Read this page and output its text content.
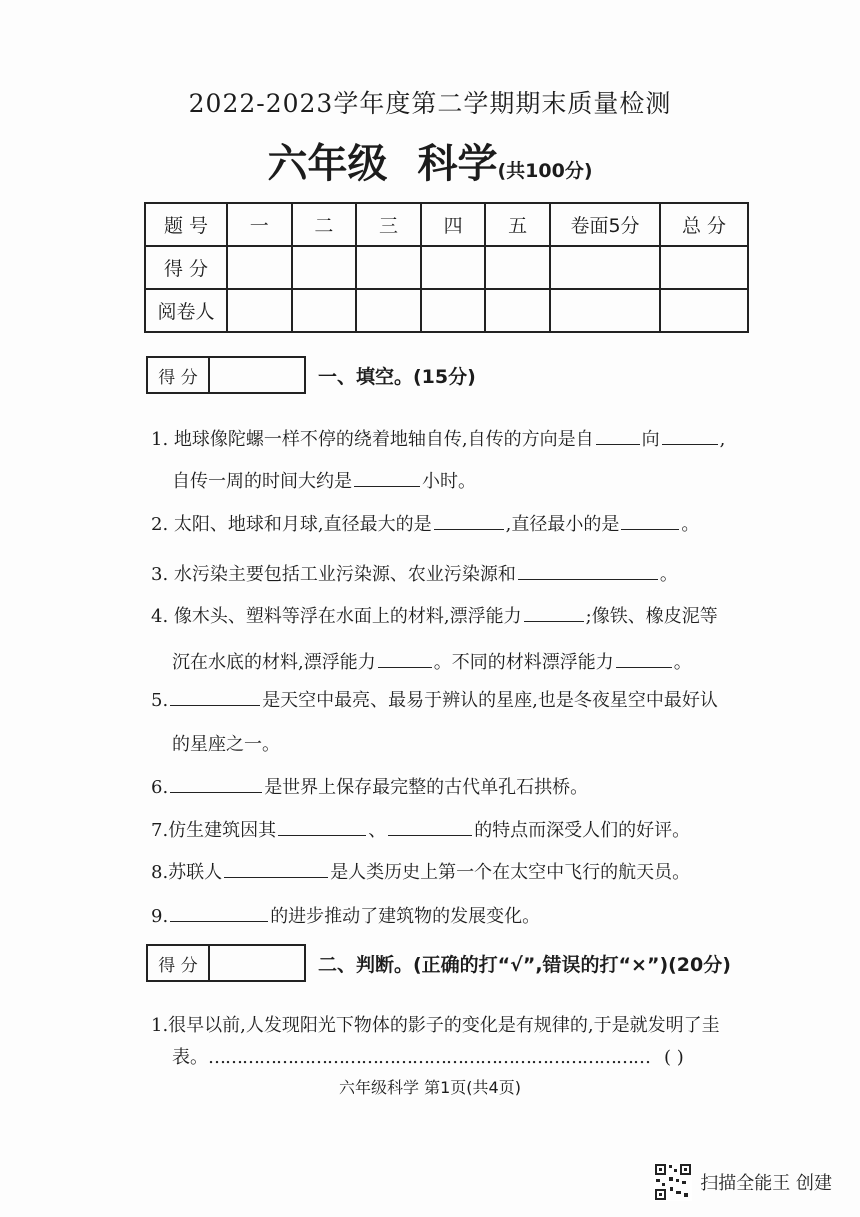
2022-2023学年度第二学期期末质量检测
六年级 科学(共100分)
题 号	一	二	三	四	五	卷面5分	总 分
得 分							
阅卷人							
得 分	一、填空。(15分)
1. 地球像陀螺一样不停的绕着地轴自传,自传的方向是自	向	,
自传一周的时间大约是	小时。
2. 太阳、地球和月球,直径最大的是	,直径最小的是	。
3. 水污染主要包括工业污染源、农业污染源和	。
4. 像木头、塑料等浮在水面上的材料,漂浮能力	;像铁、橡皮泥等
沉在水底的材料,漂浮能力	。不同的材料漂浮能力	。
5.	是天空中最亮、最易于辨认的星座,也是冬夜星空中最好认
的星座之一。
6.	是世界上保存最完整的古代单孔石拱桥。
7.仿生建筑因其	、	的特点而深受人们的好评。
8.苏联人	是人类历史上第一个在太空中飞行的航天员。
9.	的进步推动了建筑物的发展变化。
得 分	二、判断。(正确的打“√”,错误的打“×”)(20分)
1.很早以前,人发现阳光下物体的影子的变化是有规律的,于是就发明了圭
表。…………………………………………………………………… ( )
六年级科学 第1页(共4页)
扫描全能王 创建
